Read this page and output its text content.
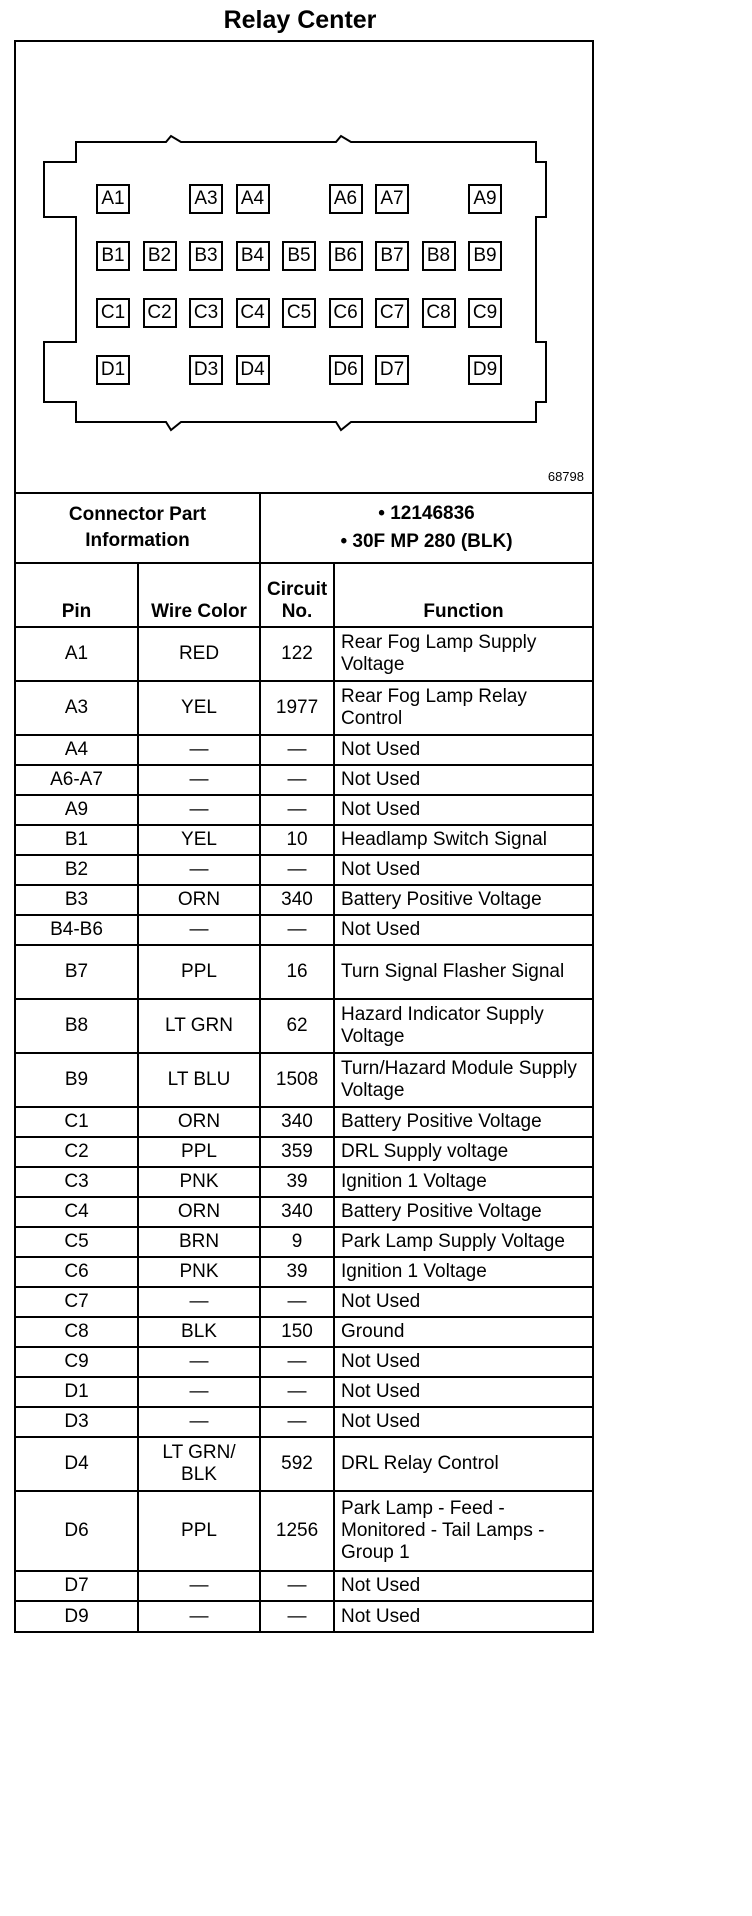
Relay Center
A1	A3 A4	A6 A7	A9
B1 B2 B3 B4 B5 B6 B7 B8 B9
C1 C2 C3 C4 C5 C6 C7 C8 C9
D1	D3 D4	D6 D7	D9
68798
Connector Part Information		• 12146836
• 30F MP 280 (BLK)	

Pin	Wire Color	Circuit No.	Function
A1	RED	122	Rear Fog Lamp Supply Voltage
A3	YEL	1977	Rear Fog Lamp Relay Control
A4	—	—	Not Used
A6-A7	—	—	Not Used
A9	—	—	Not Used
B1	YEL	10	Headlamp Switch Signal
B2	—	—	Not Used
B3	ORN	340	Battery Positive Voltage
B4-B6	—	—	Not Used
B7	PPL	16	Turn Signal Flasher Signal
B8	LT GRN	62	Hazard Indicator Supply Voltage
B9	LT BLU	1508	Turn/Hazard Module Supply Voltage
C1	ORN	340	Battery Positive Voltage
C2	PPL	359	DRL Supply voltage
C3	PNK	39	Ignition 1 Voltage
C4	ORN	340	Battery Positive Voltage
C5	BRN	9	Park Lamp Supply Voltage
C6	PNK	39	Ignition 1 Voltage
C7	—	—	Not Used
C8	BLK	150	Ground
C9	—	—	Not Used
D1	—	—	Not Used
D3	—	—	Not Used
D4	LT GRN/ BLK	592	DRL Relay Control
D6	PPL	1256	Park Lamp - Feed - Monitored - Tail Lamps - Group 1
D7	—	—	Not Used
D9	—	—	Not Used
